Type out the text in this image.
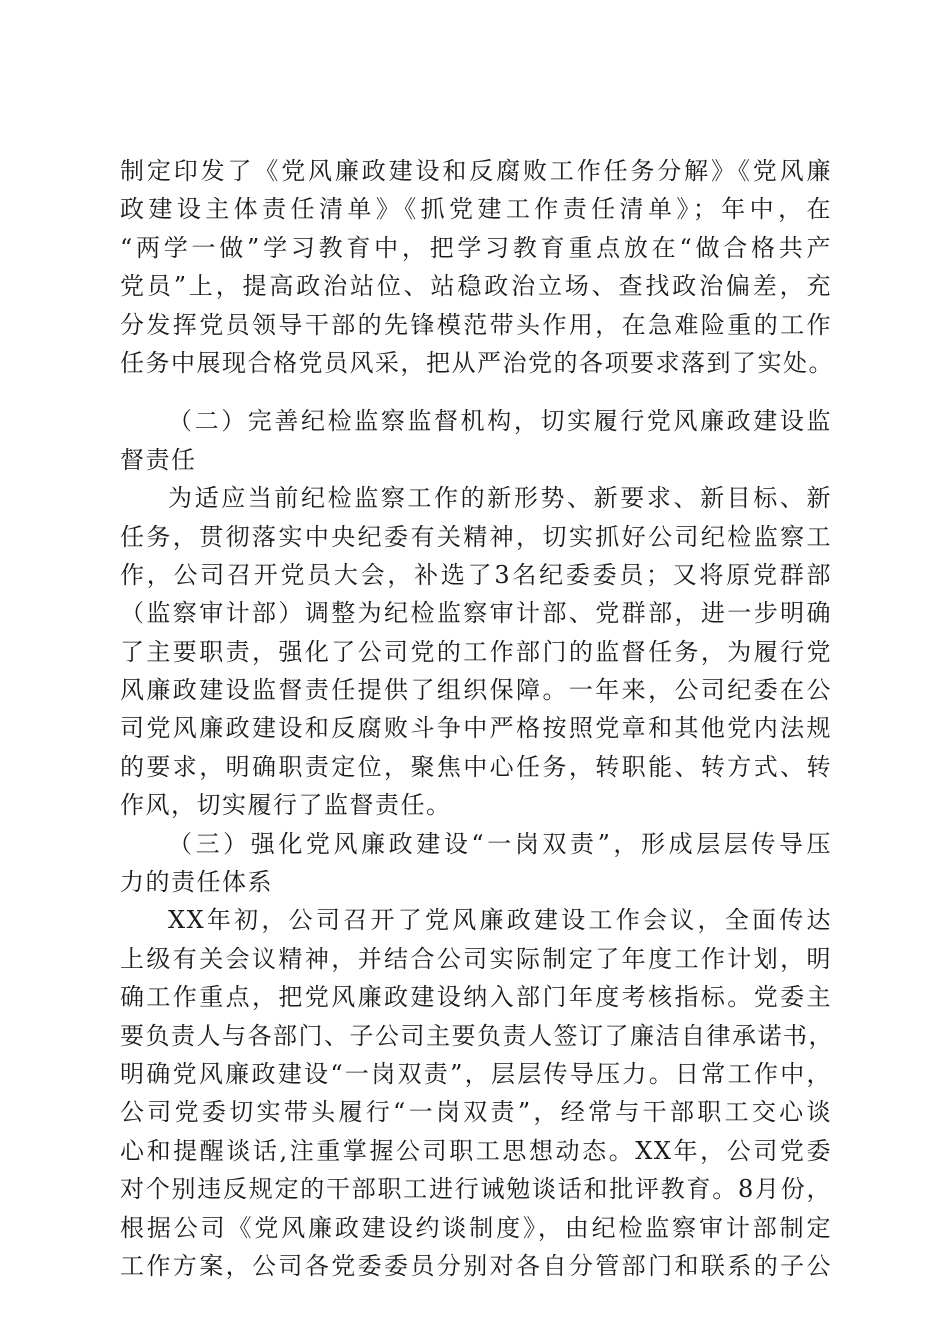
制定印发了《党风廉政建设和反腐败工作任务分解》《党风廉
政建设主体责任清单》《抓党建工作责任清单》；年中，在
“两学一做”学习教育中，把学习教育重点放在“做合格共产
党员”上，提高政治站位、站稳政治立场、查找政治偏差，充
分发挥党员领导干部的先锋模范带头作用，在急难险重的工作
任务中展现合格党员风采，把从严治党的各项要求落到了实处。
（二）完善纪检监察监督机构，切实履行党风廉政建设监
督责任
为适应当前纪检监察工作的新形势、新要求、新目标、新
任务，贯彻落实中央纪委有关精神，切实抓好公司纪检监察工
作，公司召开党员大会，补选了3名纪委委员；又将原党群部
（监察审计部）调整为纪检监察审计部、党群部，进一步明确
了主要职责，强化了公司党的工作部门的监督任务，为履行党
风廉政建设监督责任提供了组织保障。一年来，公司纪委在公
司党风廉政建设和反腐败斗争中严格按照党章和其他党内法规
的要求，明确职责定位，聚焦中心任务，转职能、转方式、转
作风，切实履行了监督责任。
（三）强化党风廉政建设“一岗双责”，形成层层传导压
力的责任体系
XX年初，公司召开了党风廉政建设工作会议，全面传达
上级有关会议精神，并结合公司实际制定了年度工作计划，明
确工作重点，把党风廉政建设纳入部门年度考核指标。党委主
要负责人与各部门、子公司主要负责人签订了廉洁自律承诺书，
明确党风廉政建设“一岗双责”，层层传导压力。日常工作中，
公司党委切实带头履行“一岗双责”，经常与干部职工交心谈
心和提醒谈话,注重掌握公司职工思想动态。XX年，公司党委
对个别违反规定的干部职工进行诫勉谈话和批评教育。8月份，
根据公司《党风廉政建设约谈制度》，由纪检监察审计部制定
工作方案，公司各党委委员分别对各自分管部门和联系的子公
